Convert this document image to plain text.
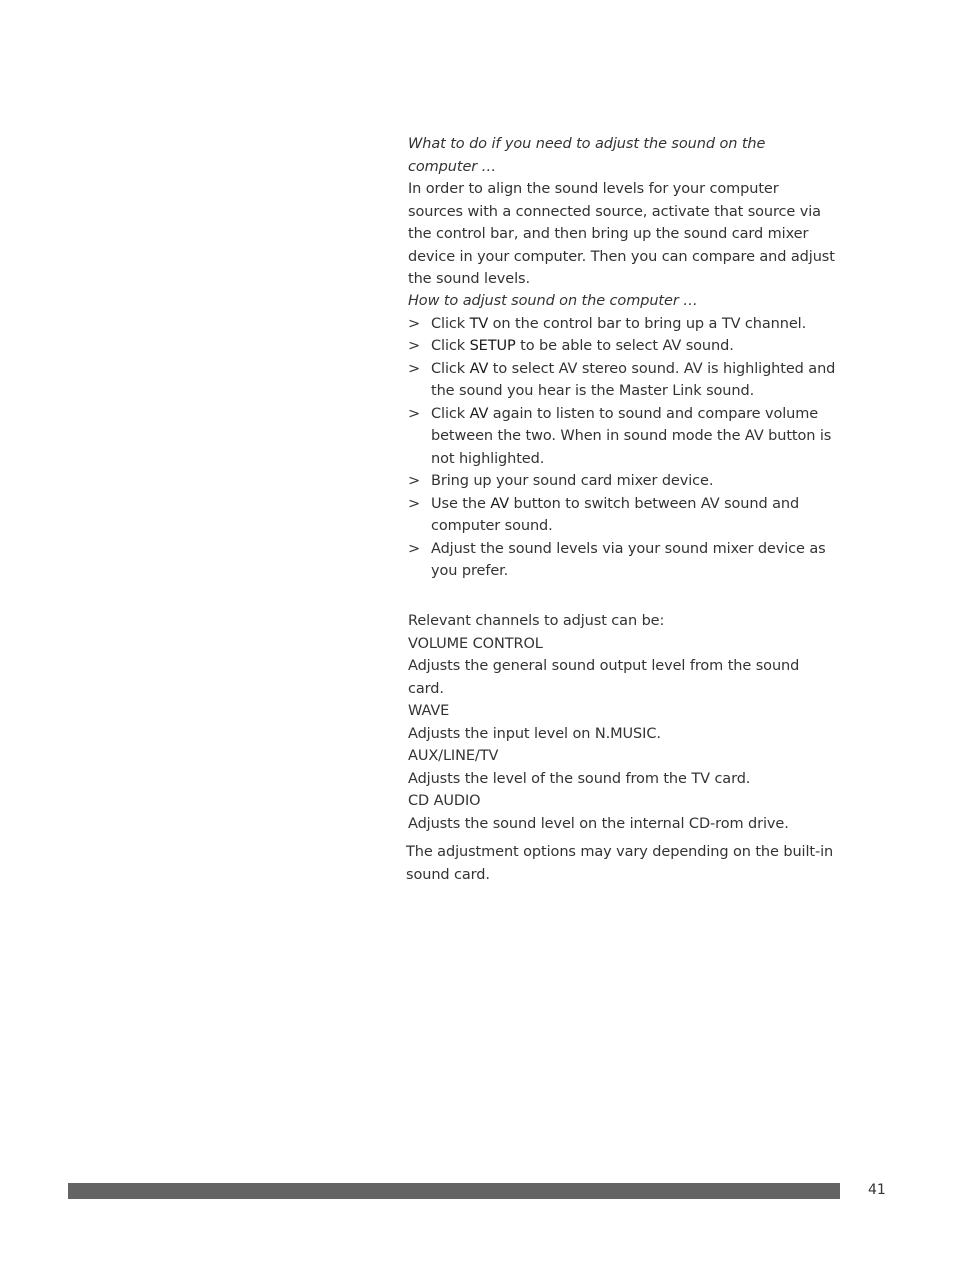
What to do if you need to adjust the sound on the computer …

In order to align the sound levels for your computer sources with a connected source, activate that source via the control bar, and then bring up the sound card mixer device in your computer. Then you can compare and adjust the sound levels.

How to adjust sound on the computer …

> Click TV on the control bar to bring up a TV channel.
> Click SETUP to be able to select AV sound.
> Click AV to select AV stereo sound. AV is highlighted and the sound you hear is the Master Link sound.
> Click AV again to listen to sound and compare volume between the two. When in sound mode the AV button is not highlighted.
> Bring up your sound card mixer device.
> Use the AV button to switch between AV sound and computer sound.
> Adjust the sound levels via your sound mixer device as you prefer.

Relevant channels to adjust can be:

VOLUME CONTROL

Adjusts the general sound output level from the sound card.

WAVE

Adjusts the input level on N.MUSIC.

AUX/LINE/TV

Adjusts the level of the sound from the TV card.

CD AUDIO

Adjusts the sound level on the internal CD-rom drive.

The adjustment options may vary depending on the built-in sound card.

41
